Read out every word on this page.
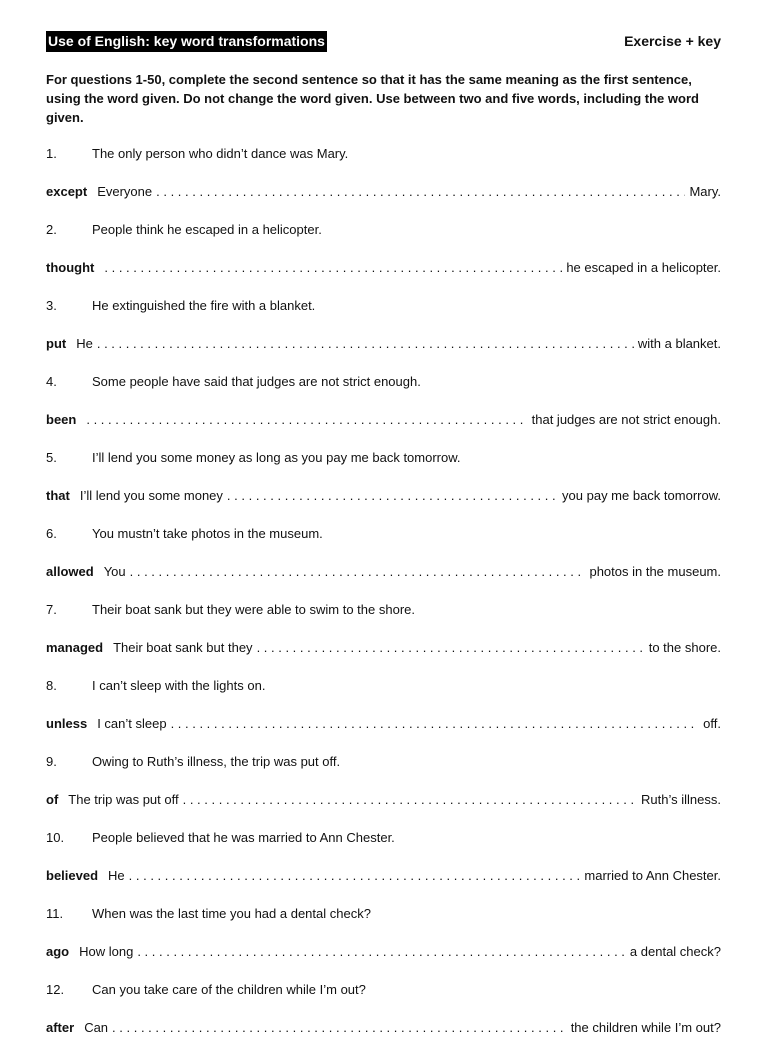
Use of English: key word transformations	Exercise + key
For questions 1-50, complete the second sentence so that it has the same meaning as the first sentence, using the word given. Do not change the word given. Use between two and five words, including the word given.
1.	The only person who didn’t dance was Mary.
except Everyone . . .	Mary.
2.	People think he escaped in a helicopter.
thought . . .	he escaped in a helicopter.
3.	He extinguished the fire with a blanket.
put He . . .	with a blanket.
4.	Some people have said that judges are not strict enough.
been . . .	that judges are not strict enough.
5.	I’ll lend you some money as long as you pay me back tomorrow.
that I’ll lend you some money . . .	you pay me back tomorrow.
6.	You mustn’t take photos in the museum.
allowed You . . .	photos in the museum.
7.	Their boat sank but they were able to swim to the shore.
managed Their boat sank but they . . .	to the shore.
8.	I can’t sleep with the lights on.
unless I can’t sleep . . .	off.
9.	Owing to Ruth’s illness, the trip was put off.
of The trip was put off . . .	Ruth’s illness.
10.	People believed that he was married to Ann Chester.
believed He . . .	married to Ann Chester.
11.	When was the last time you had a dental check?
ago How long . . .	a dental check?
12.	Can you take care of the children while I’m out?
after Can . . .	the children while I’m out?
